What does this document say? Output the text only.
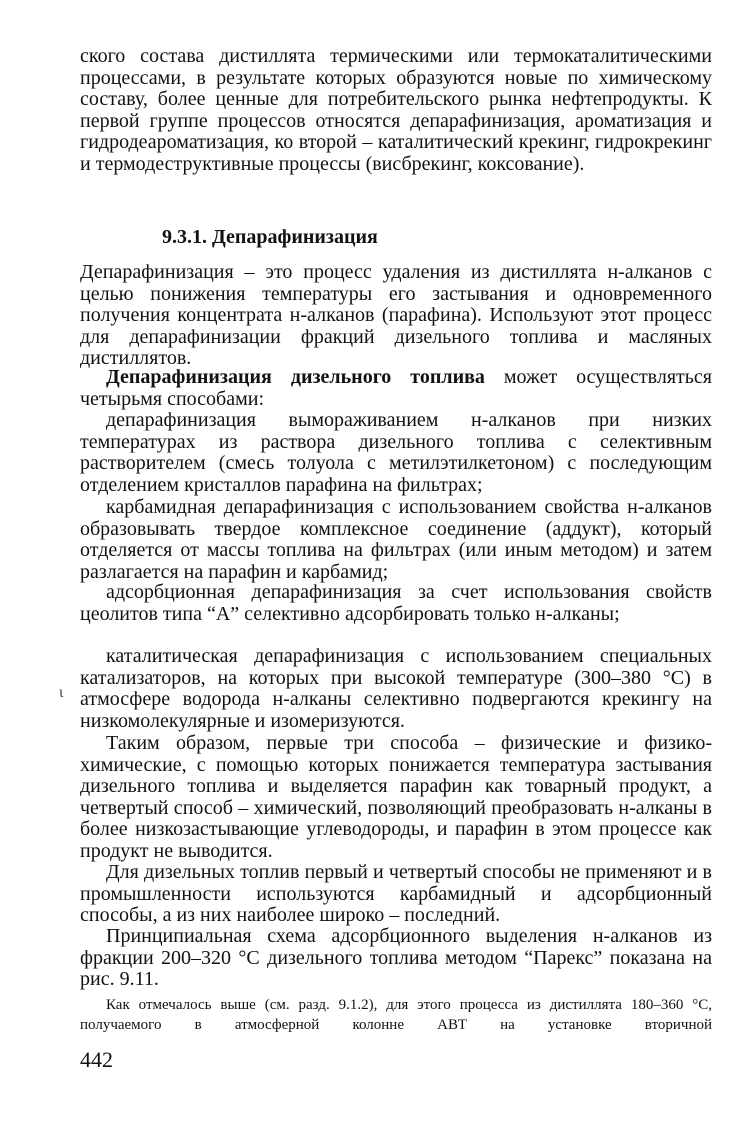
ского состава дистиллята термическими или термокаталитическими процессами, в результате которых образуются новые по химическому составу, более ценные для потребительского рынка нефтепродукты. К первой группе процессов относятся депарафинизация, ароматизация и гидродеароматизация, ко второй – каталитический крекинг, гидрокрекинг и термодеструктивные процессы (висбрекинг, коксование).
9.3.1. Депарафинизация
Депарафинизация – это процесс удаления из дистиллята н-алканов с целью понижения температуры его застывания и одновременного получения концентрата н-алканов (парафина). Используют этот процесс для депарафинизации фракций дизельного топлива и масляных дистиллятов.
Депарафинизация дизельного топлива может осуществляться четырьмя способами:
депарафинизация вымораживанием н-алканов при низких температурах из раствора дизельного топлива с селективным растворителем (смесь толуола с метилэтилкетоном) с последующим отделением кристаллов парафина на фильтрах;
карбамидная депарафинизация с использованием свойства н-алканов образовывать твердое комплексное соединение (аддукт), который отделяется от массы топлива на фильтрах (или иным методом) и затем разлагается на парафин и карбамид;
адсорбционная депарафинизация за счет использования свойств цеолитов типа “А” селективно адсорбировать только н-алканы;
каталитическая депарафинизация с использованием специальных катализаторов, на которых при высокой температуре (300–380 °С) в атмосфере водорода н-алканы селективно подвергаются крекингу на низкомолекулярные и изомеризуются.
ι
Таким образом, первые три способа – физические и физико-химические, с помощью которых понижается температура застывания дизельного топлива и выделяется парафин как товарный продукт, а четвертый способ – химический, позволяющий преобразовать н-алканы в более низкозастывающие углеводороды, и парафин в этом процессе как продукт не выводится.
Для дизельных топлив первый и четвертый способы не применяют и в промышленности используются карбамидный и адсорбционный способы, а из них наиболее широко – последний.
Принципиальная схема адсорбционного выделения н-алканов из фракции 200–320 °С дизельного топлива методом “Парекс” показана на рис. 9.11.
Как отмечалось выше (см. разд. 9.1.2), для этого процесса из дистиллята 180–360 °С, получаемого в атмосферной колонне АВТ на установке вторичной
442
